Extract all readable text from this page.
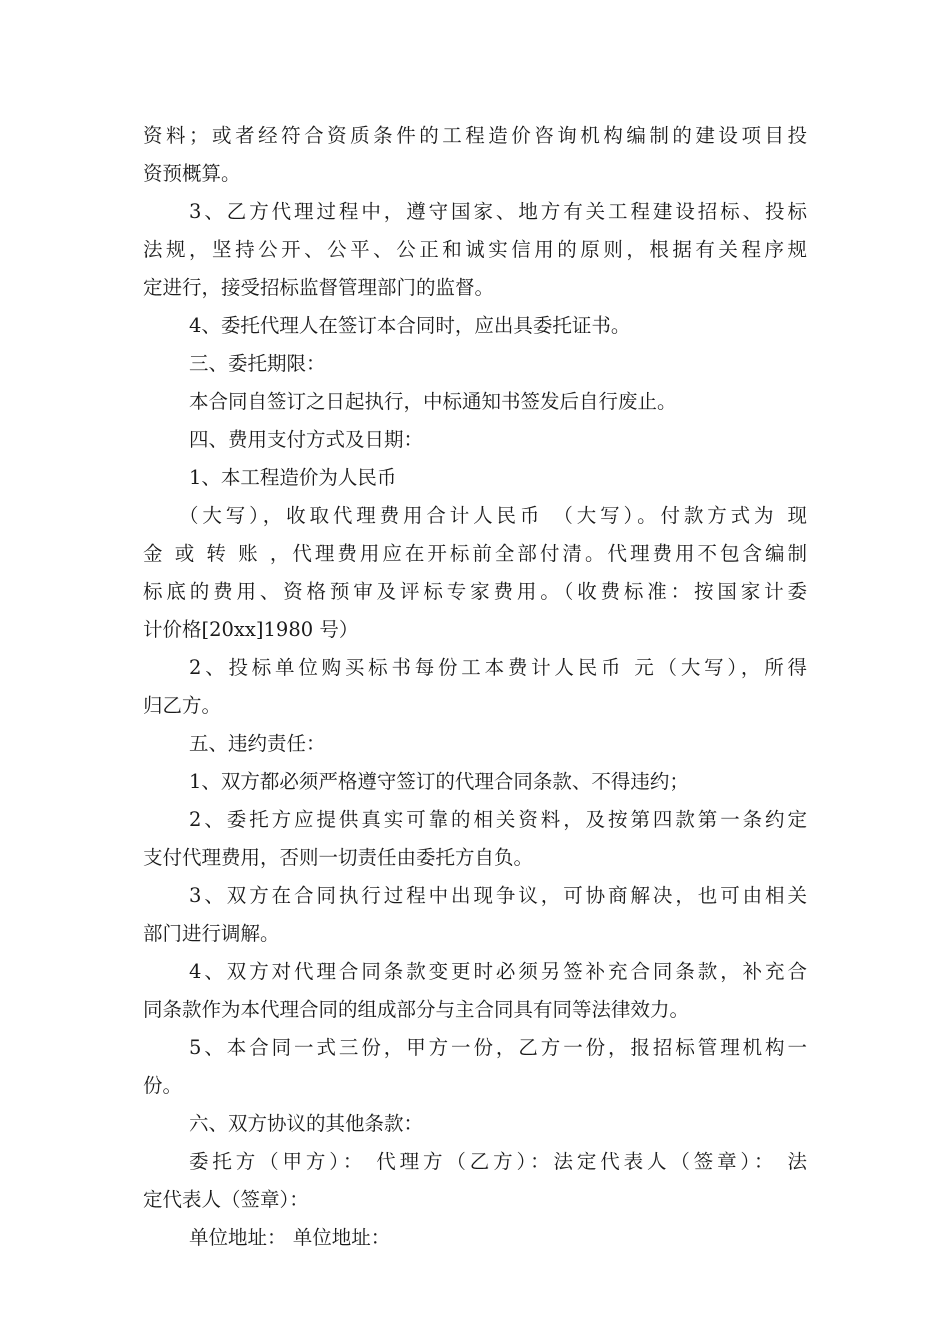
资料；或者经符合资质条件的工程造价咨询机构编制的建设项目投
资预概算。

3、乙方代理过程中，遵守国家、地方有关工程建设招标、投标
法规，坚持公开、公平、公正和诚实信用的原则，根据有关程序规
定进行，接受招标监督管理部门的监督。

4、委托代理人在签订本合同时，应出具委托证书。

三、委托期限：

本合同自签订之日起执行，中标通知书签发后自行废止。

四、费用支付方式及日期：

1、本工程造价为人民币

（大写），收取代理费用合计人民币 （大写）。付款方式为 现
金 或 转 账 ，代理费用应在开标前全部付清。代理费用不包含编制
标底的费用、资格预审及评标专家费用。（收费标准：按国家计委
计价格[20xx]1980 号）

2、投标单位购买标书每份工本费计人民币 元（大写），所得
归乙方。

五、违约责任：

1、双方都必须严格遵守签订的代理合同条款、不得违约；

2、委托方应提供真实可靠的相关资料，及按第四款第一条约定
支付代理费用，否则一切责任由委托方自负。

3、双方在合同执行过程中出现争议，可协商解决，也可由相关
部门进行调解。

4、双方对代理合同条款变更时必须另签补充合同条款，补充合
同条款作为本代理合同的组成部分与主合同具有同等法律效力。

5、本合同一式三份，甲方一份，乙方一份，报招标管理机构一
份。

六、双方协议的其他条款：

委托方（甲方）： 代理方（乙方）：法定代表人（签章）： 法
定代表人（签章）：

单位地址： 单位地址：
